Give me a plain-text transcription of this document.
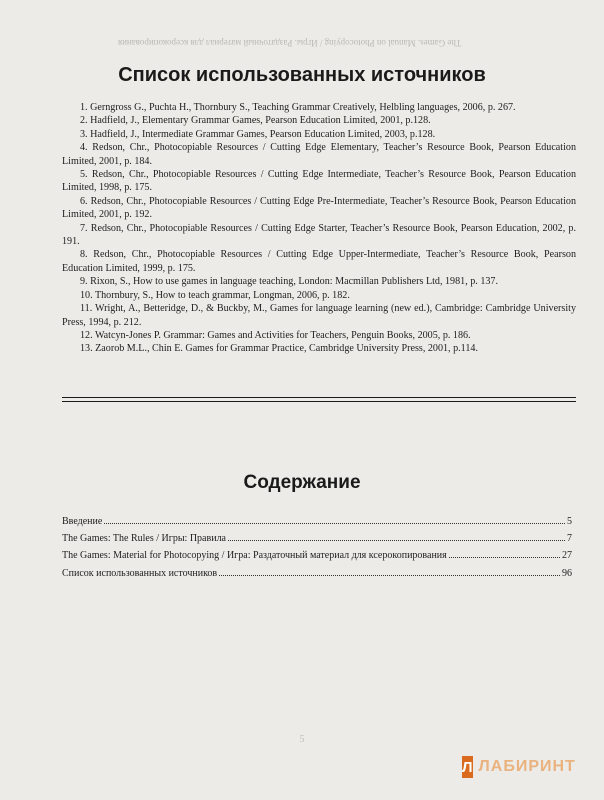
The Games. Manual on Photocopying / Игры. Раздаточный материал для ксерокопирования
Список использованных источников
1. Gerngross G., Puchta H., Thornbury S., Teaching Grammar Creatively, Helbling languages, 2006, p. 267.
2. Hadfield, J., Elementary Grammar Games, Pearson Education Limited, 2001, p.128.
3. Hadfield, J., Intermediate Grammar Games, Pearson Education Limited, 2003, p.128.
4. Redson, Chr., Photocopiable Resources / Cutting Edge Elementary, Teacher’s Resource Book, Pearson Education Limited, 2001, p. 184.
5. Redson, Chr., Photocopiable Resources / Cutting Edge Intermediate, Teacher’s Resource Book, Pearson Education Limited, 1998, p. 175.
6. Redson, Chr., Photocopiable Resources / Cutting Edge Pre-Intermediate, Teacher’s Resource Book, Pearson Education Limited, 2001, p. 192.
7. Redson, Chr., Photocopiable Resources / Cutting Edge Starter, Teacher’s Resource Book, Pearson Education, 2002, p. 191.
8. Redson, Chr., Photocopiable Resources / Cutting Edge Upper-Intermediate, Teacher’s Resource Book, Pearson Education Limited, 1999, p. 175.
9. Rixon, S., How to use games in language teaching, London: Macmillan Publishers Ltd, 1981, p. 137.
10. Thornbury, S., How to teach grammar, Longman, 2006, p. 182.
11. Wright, A., Betteridge, D., & Buckby, M., Games for language learning (new ed.), Cambridge: Cambridge University Press, 1994, p. 212.
12. Watcyn-Jones P. Grammar: Games and Activities for Teachers, Penguin Books, 2005, p. 186.
13. Zaorob M.L., Chin E. Games for Grammar Practice, Cambridge University Press, 2001, p.114.
Содержание
Введение	5
The Games: The Rules / Игры: Правила	7
The Games: Material for Photocopying / Игра: Раздаточный материал для ксерокопирования	27
Список использованных источников	96
5
Л ЛАБИРИНТ
